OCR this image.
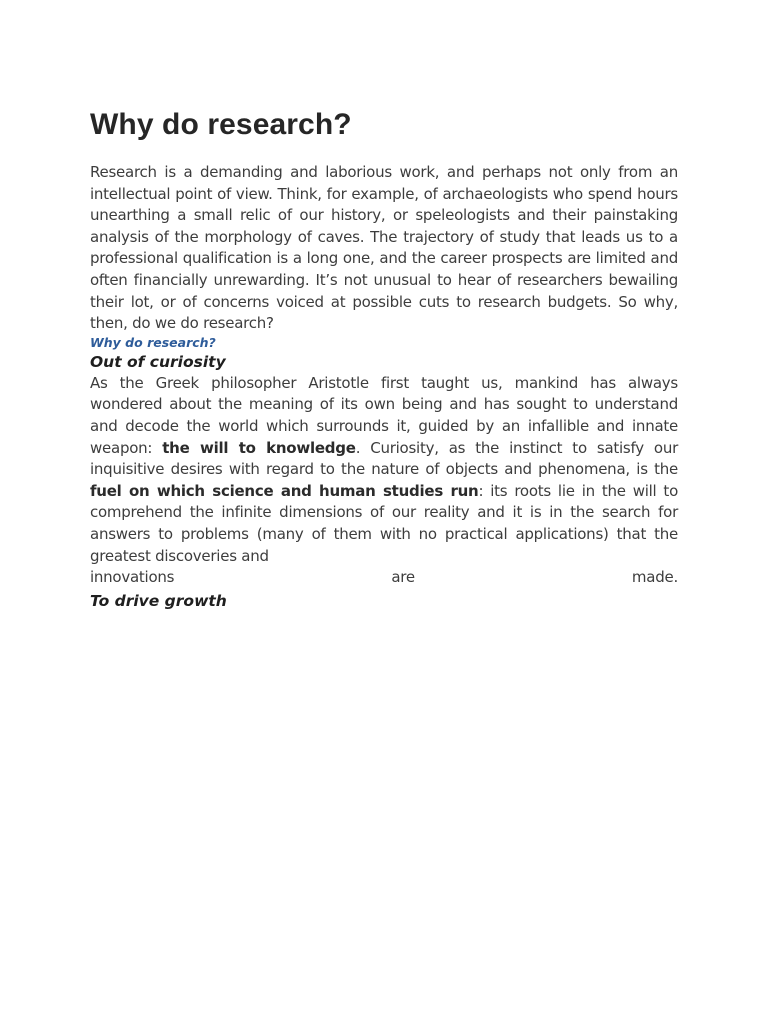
Why do research?

Research is a demanding and laborious work, and perhaps not only from an intellectual point of view. Think, for example, of archaeologists who spend hours unearthing a small relic of our history, or speleologists and their painstaking analysis of the morphology of caves. The trajectory of study that leads us to a professional qualification is a long one, and the career prospects are limited and often financially unrewarding. It’s not unusual to hear of researchers bewailing their lot, or of concerns voiced at possible cuts to research budgets. So why, then, do we do research?

Why do research?
Out of curiosity

As the Greek philosopher Aristotle first taught us, mankind has always wondered about the meaning of its own being and has sought to understand and decode the world which surrounds it, guided by an infallible and innate weapon: the will to knowledge. Curiosity, as the instinct to satisfy our inquisitive desires with regard to the nature of objects and phenomena, is the fuel on which science and human studies run: its roots lie in the will to comprehend the infinite dimensions of our reality and it is in the search for answers to problems (many of them with no practical applications) that the greatest discoveries and

innovations	are	made.
To drive growth
